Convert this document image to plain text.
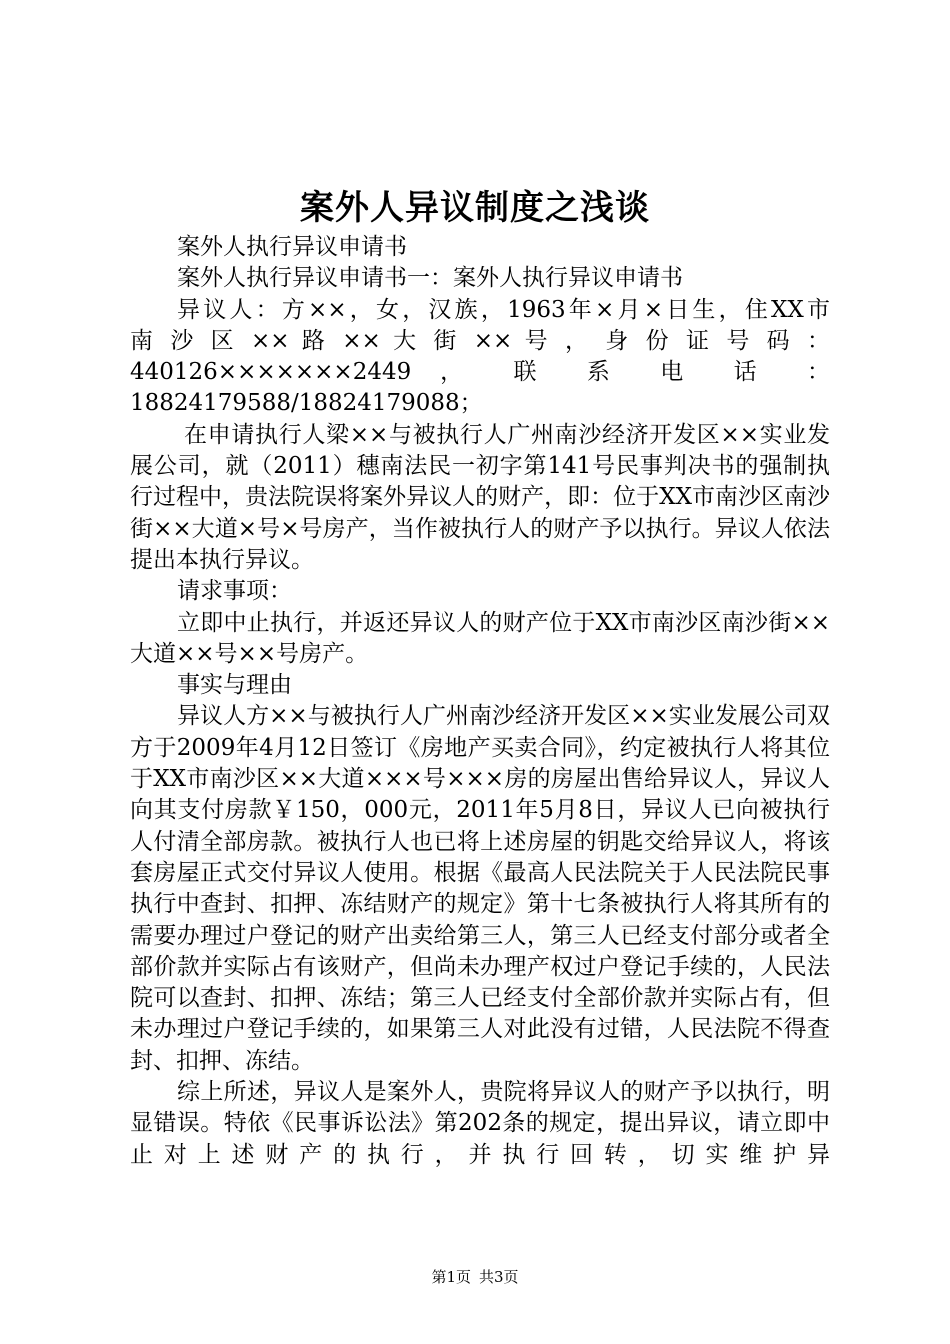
案外人异议制度之浅谈

案外人执行异议申请书

案外人执行异议申请书一：案外人执行异议申请书

异议人：方××，女，汉族，1963年×月×日生，住XX市
南 沙 区 ×× 路 ×× 大 街 ×× 号 ， 身 份 证 号 码 ：
440126×××××××2449 ， 联 系 电 话 ：
18824179588/18824179088；

在申请执行人梁××与被执行人广州南沙经济开发区××实业发展公司，就（2011）穗南法民一初字第141号民事判决书的强制执行过程中，贵法院误将案外异议人的财产，即：位于XX市南沙区南沙街××大道×号×号房产，当作被执行人的财产予以执行。异议人依法提出本执行异议。

请求事项：

立即中止执行，并返还异议人的财产位于XX市南沙区南沙街××大道××号××号房产。

事实与理由

异议人方××与被执行人广州南沙经济开发区××实业发展公司双方于2009年4月12日签订《房地产买卖合同》，约定被执行人将其位于XX市南沙区××大道×××号×××房的房屋出售给异议人，异议人向其支付房款￥150，000元，2011年5月8日，异议人已向被执行人付清全部房款。被执行人也已将上述房屋的钥匙交给异议人，将该套房屋正式交付异议人使用。根据《最高人民法院关于人民法院民事执行中查封、扣押、冻结财产的规定》第十七条被执行人将其所有的需要办理过户登记的财产出卖给第三人，第三人已经支付部分或者全部价款并实际占有该财产，但尚未办理产权过户登记手续的，人民法院可以查封、扣押、冻结；第三人已经支付全部价款并实际占有，但未办理过户登记手续的，如果第三人对此没有过错，人民法院不得查封、扣押、冻结。

综上所述，异议人是案外人，贵院将异议人的财产予以执行，明显错误。特依《民事诉讼法》第202条的规定，提出异议，请立即中止对上述财产的执行，并执行回转，切实维护异

第1页 共3页
